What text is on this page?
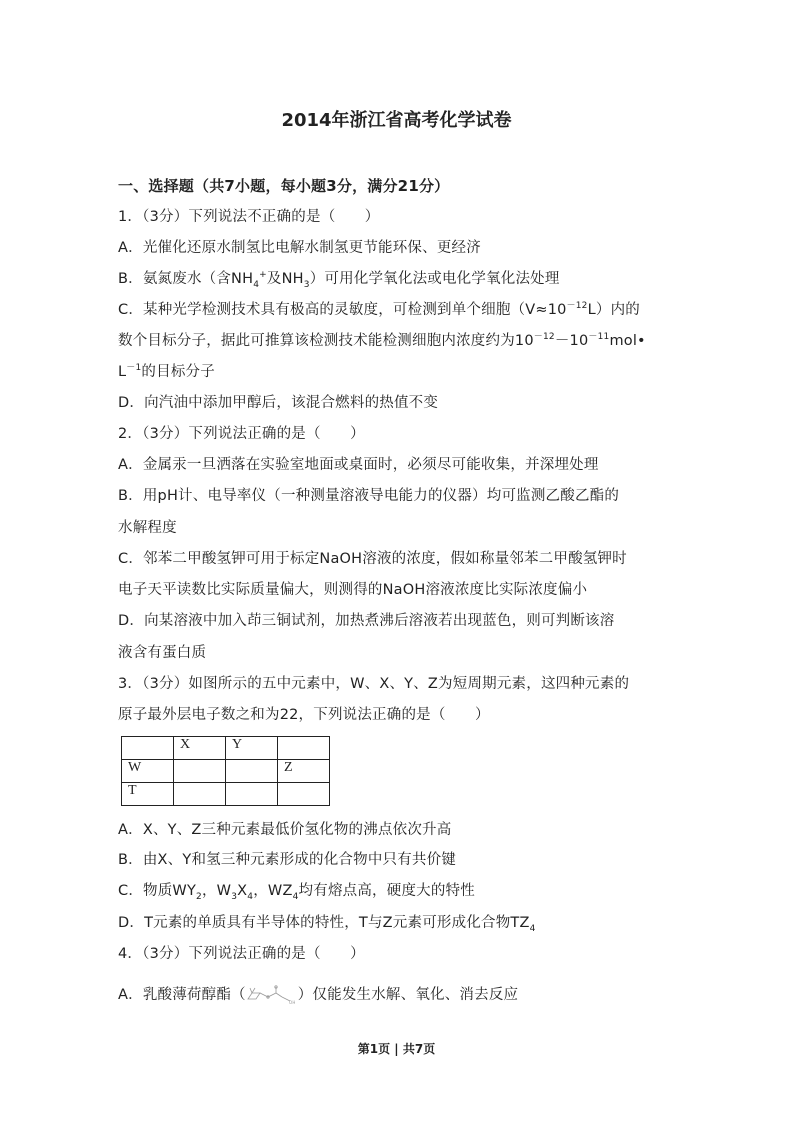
2014年浙江省高考化学试卷
一、选择题（共7小题，每小题3分，满分21分）
1．（3分）下列说法不正确的是（　　）
A．光催化还原水制氢比电解水制氢更节能环保、更经济
B．氨氮废水（含$NH_4^+$及$NH_3$）可用化学氧化法或电化学氧化法处理
C．某种光学检测技术具有极高的灵敏度，可检测到单个细胞$(V\approx 10^{-12}L)$内的
数个目标分子，据此可推算该检测技术能检测细胞内浓度约为$10^{-12}-10^{-11}mol•$
$L^{-1}$的目标分子
D．向汽油中添加甲醇后，该混合燃料的热值不变
2．（3分）下列说法正确的是（　　）
A．金属汞一旦洒落在实验室地面或桌面时，必须尽可能收集，并深埋处理
B．用pH计、电导率仪（一种测量溶液导电能力的仪器）均可监测乙酸乙酯的
水解程度
C．邻苯二甲酸氢钾可用于标定NaOH溶液的浓度，假如称量邻苯二甲酸氢钾时
电子天平读数比实际质量偏大，则测得的NaOH溶液浓度比实际浓度偏小
D．向某溶液中加入茚三铜试剂，加热煮沸后溶液若出现蓝色，则可判断该溶
液含有蛋白质
3．（3分）如图所示的五中元素中，W、X、Y、Z为短周期元素，这四种元素的
原子最外层电子数之和为22，下列说法正确的是（　　）
	X	Y	
W			Z
T			
A．X、Y、Z三种元素最低价氢化物的沸点依次升高
B．由X、Y和氢三种元素形成的化合物中只有共价键
C．物质$WY_2$，$W_3X_4$，$WZ_4$均有熔点高，硬度大的特性
D．T元素的单质具有半导体的特性，T与Z元素可形成化合物$TZ_4$
4．（3分）下列说法正确的是（　　）
A．乳酸薄荷醇酯（	OH ）仅能发生水解、氧化、消去反应
第1页 | 共7页
